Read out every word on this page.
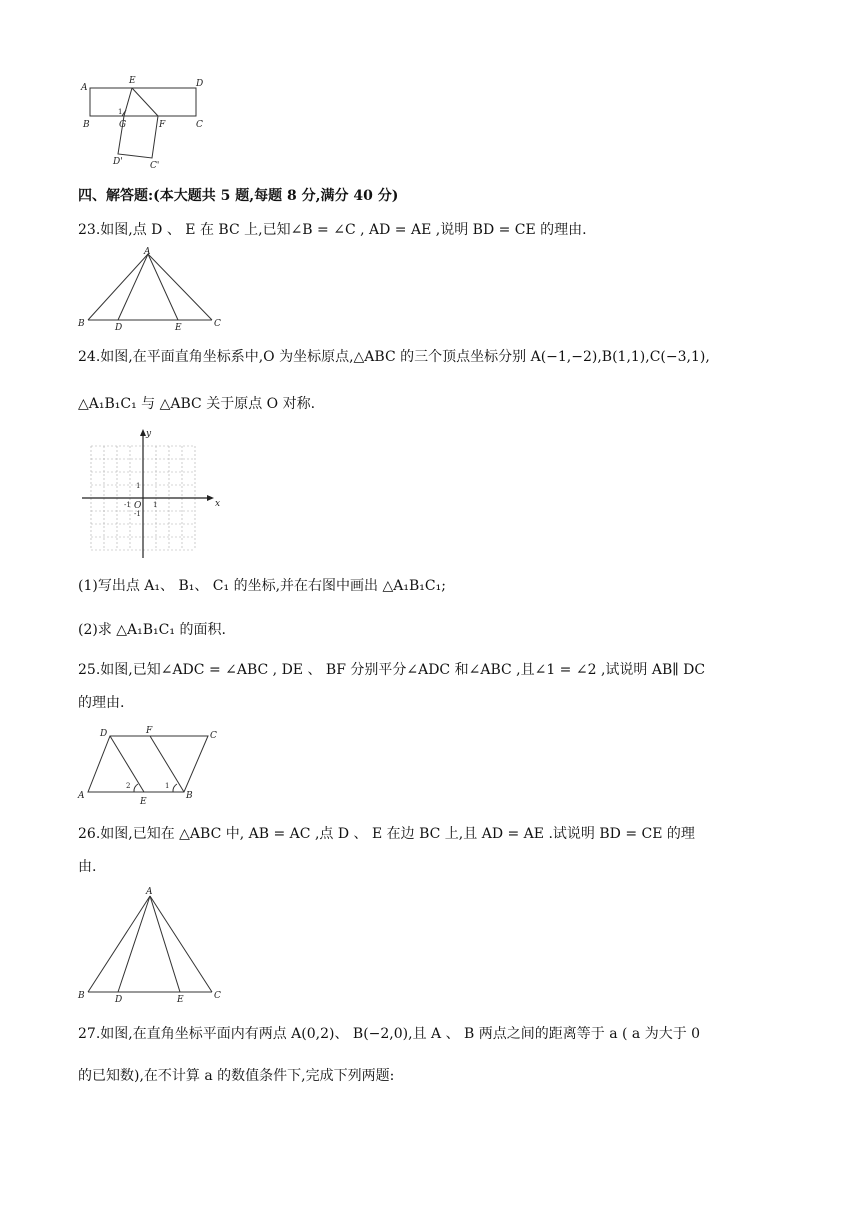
A
E	D
B	G	F	C
D'	C'
1
四、解答题:(本大题共 5 题,每题 8 分,满分 40 分)
23.如图,点 D 、 E 在 BC 上,已知∠B = ∠C , AD = AE ,说明 BD = CE 的理由.
A
B	D	E	C
24.如图,在平面直角坐标系中,O 为坐标原点,△ABC 的三个顶点坐标分别 A(−1,−2),B(1,1),C(−3,1),
△A₁B₁C₁ 与 △ABC 关于原点 O 对称.
x
y
O 1
-1
1
-1
(1)写出点 A₁、 B₁、 C₁ 的坐标,并在右图中画出 △A₁B₁C₁;
(2)求 △A₁B₁C₁ 的面积.
25.如图,已知∠ADC = ∠ABC , DE 、 BF 分别平分∠ADC 和∠ABC ,且∠1 = ∠2 ,试说明 AB∥ DC
的理由.
D	F	C
A
E
B
2	1
26.如图,已知在 △ABC 中, AB = AC ,点 D 、 E 在边 BC 上,且 AD = AE .试说明 BD = CE 的理
由.
A
B	D	E	C
27.如图,在直角坐标平面内有两点 A(0,2)、 B(−2,0),且 A 、 B 两点之间的距离等于 a ( a 为大于 0
的已知数),在不计算 a 的数值条件下,完成下列两题:
